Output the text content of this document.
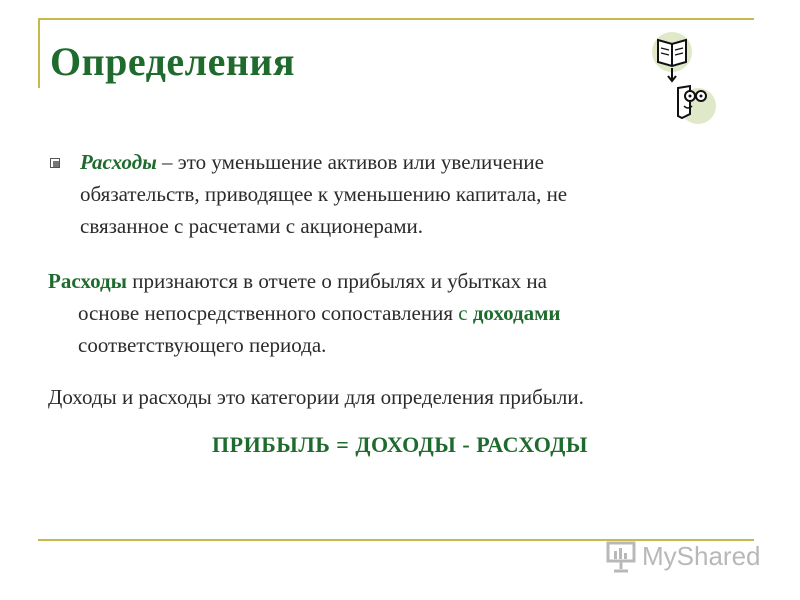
Определения
Расходы – это уменьшение активов или увеличение
обязательств, приводящее к уменьшению капитала, не
связанное с расчетами с акционерами.
Расходы признаются в отчете о прибылях и убытках на
основе непосредственного сопоставления с доходами
соответствующего периода.
Доходы и расходы это категории для определения прибыли.
ПРИБЫЛЬ = ДОХОДЫ - РАСХОДЫ
MyShared
